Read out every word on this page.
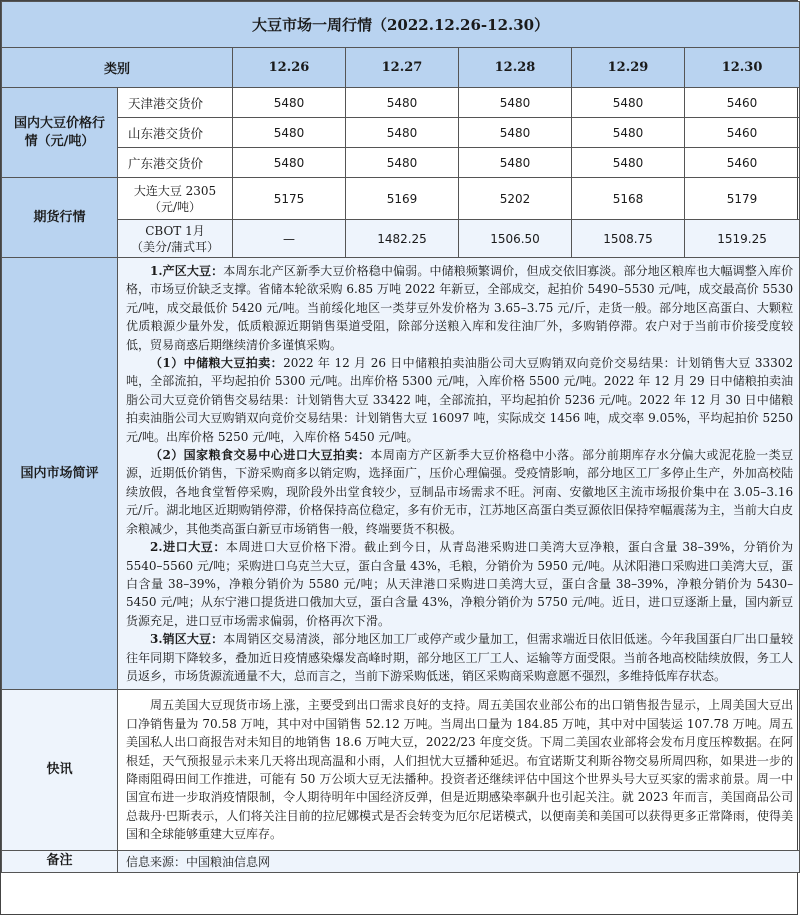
大豆市场一周行情（2022.12.26-12.30）						
类别		12.26	12.27	12.28	12.29	12.30
国内大豆价格行情（元/吨）	天津港交货价	5480	5480	5480	5480	5460
	山东港交货价	5480	5480	5480	5480	5460
	广东港交货价	5480	5480	5480	5480	5460
期货行情	大连大豆 2305
（元/吨）	5175	5169	5202	5168	5179

	CBOT 1月
（美分/蒲式耳）	—	1482.25	1506.50	1508.75	1519.25
国内市场简评	1.产区大豆：本周东北产区新季大豆价格稳中偏弱。中储粮频繁调价，但成交依旧寡淡。部分地区粮库也大幅调整入库价格，市场豆价缺乏支撑。省储本轮欲采购 6.85 万吨 2022 年新豆，全部成交，起拍价 5490–5530 元/吨，成交最高价 5530 元/吨，成交最低价 5420 元/吨。当前绥化地区一类芽豆外发价格为 3.65–3.75 元/斤，走货一般。部分地区高蛋白、大颗粒优质粮源少量外发，低质粮源近期销售渠道受阻，除部分送粮入库和发往油厂外，多购销停滞。农户对于当前市价接受度较低，贸易商惑后期继续清价多谨慎采购。

（1）中储粮大豆拍卖：2022 年 12 月 26 日中储粮拍卖油脂公司大豆购销双向竞价交易结果：计划销售大豆 33302 吨，全部流拍，平均起拍价 5300 元/吨。出库价格 5300 元/吨，入库价格 5500 元/吨。2022 年 12 月 29 日中储粮拍卖油脂公司大豆竞价销售交易结果：计划销售大豆 33422 吨，全部流拍，平均起拍价 5236 元/吨。2022 年 12 月 30 日中储粮拍卖油脂公司大豆购销双向竞价交易结果：计划销售大豆 16097 吨，实际成交 1456 吨，成交率 9.05%，平均起拍价 5250 元/吨。出库价格 5250 元/吨，入库价格 5450 元/吨。

（2）国家粮食交易中心进口大豆拍卖：本周南方产区新季大豆价格稳中小落。部分前期库存水分偏大或泥花脸一类豆源，近期低价销售，下游采购商多以销定购，选择面广，压价心理偏强。受疫情影响，部分地区工厂多停止生产，外加高校陆续放假，各地食堂暂停采购，现阶段外出堂食较少，豆制品市场需求不旺。河南、安徽地区主流市场报价集中在 3.05–3.16 元/斤。湖北地区近期购销停滞，价格保持高位稳定，多有价无市，江苏地区高蛋白类豆源依旧保持窄幅震荡为主，当前大白皮余粮减少，其他类高蛋白新豆市场销售一般，终端要货不积极。

2.进口大豆：本周进口大豆价格下滑。截止到今日，从青岛港采购进口美湾大豆净粮，蛋白含量 38–39%，分销价为 5540–5560 元/吨；采购进口乌克兰大豆，蛋白含量 43%，毛粮，分销价为 5950 元/吨。从沭阳港口采购进口美湾大豆，蛋白含量 38–39%，净粮分销价为 5580 元/吨；从天津港口采购进口美湾大豆，蛋白含量 38–39%，净粮分销价为 5430–5450 元/吨；从东宁港口提货进口俄加大豆，蛋白含量 43%，净粮分销价为 5750 元/吨。近日，进口豆逐渐上量，国内新豆货源充足，进口豆市场需求偏弱，价格再次下滑。

3.销区大豆：本周销区交易清淡，部分地区加工厂或停产或少量加工，但需求端近日依旧低迷。今年我国蛋白厂出口量较往年同期下降较多，叠加近日疫情感染爆发高峰时期，部分地区工厂工人、运输等方面受限。当前各地高校陆续放假，务工人员返乡，市场货源流通量不大，总而言之，当前下游采购低迷，销区采购商采购意愿不强烈，多维持低库存状态。					

快讯	周五美国大豆现货市场上涨，主要受到出口需求良好的支持。周五美国农业部公布的出口销售报告显示，上周美国大豆出口净销售量为 70.58 万吨，其中对中国销售 52.12 万吨。当周出口量为 184.85 万吨，其中对中国装运 107.78 万吨。周五美国私人出口商报告对未知目的地销售 18.6 万吨大豆，2022/23 年度交货。下周二美国农业部将会发布月度压榨数据。在阿根廷，天气预报显示未来几天将出现高温和小雨，人们担忧大豆播种延迟。布宜诺斯艾利斯谷物交易所周四称，如果进一步的降雨阻碍田间工作推进，可能有 50 万公顷大豆无法播种。投资者还继续评估中国这个世界头号大豆买家的需求前景。周一中国宣布进一步取消疫情限制，令人期待明年中国经济反弹，但是近期感染率飙升也引起关注。就 2023 年而言，美国商品公司总裁丹·巴斯表示，人们将关注目前的拉尼娜模式是否会转变为厄尔尼诺模式，以便南美和美国可以获得更多正常降雨，使得美国和全球能够重建大豆库存。					

备注	信息来源：中国粮油信息网					
